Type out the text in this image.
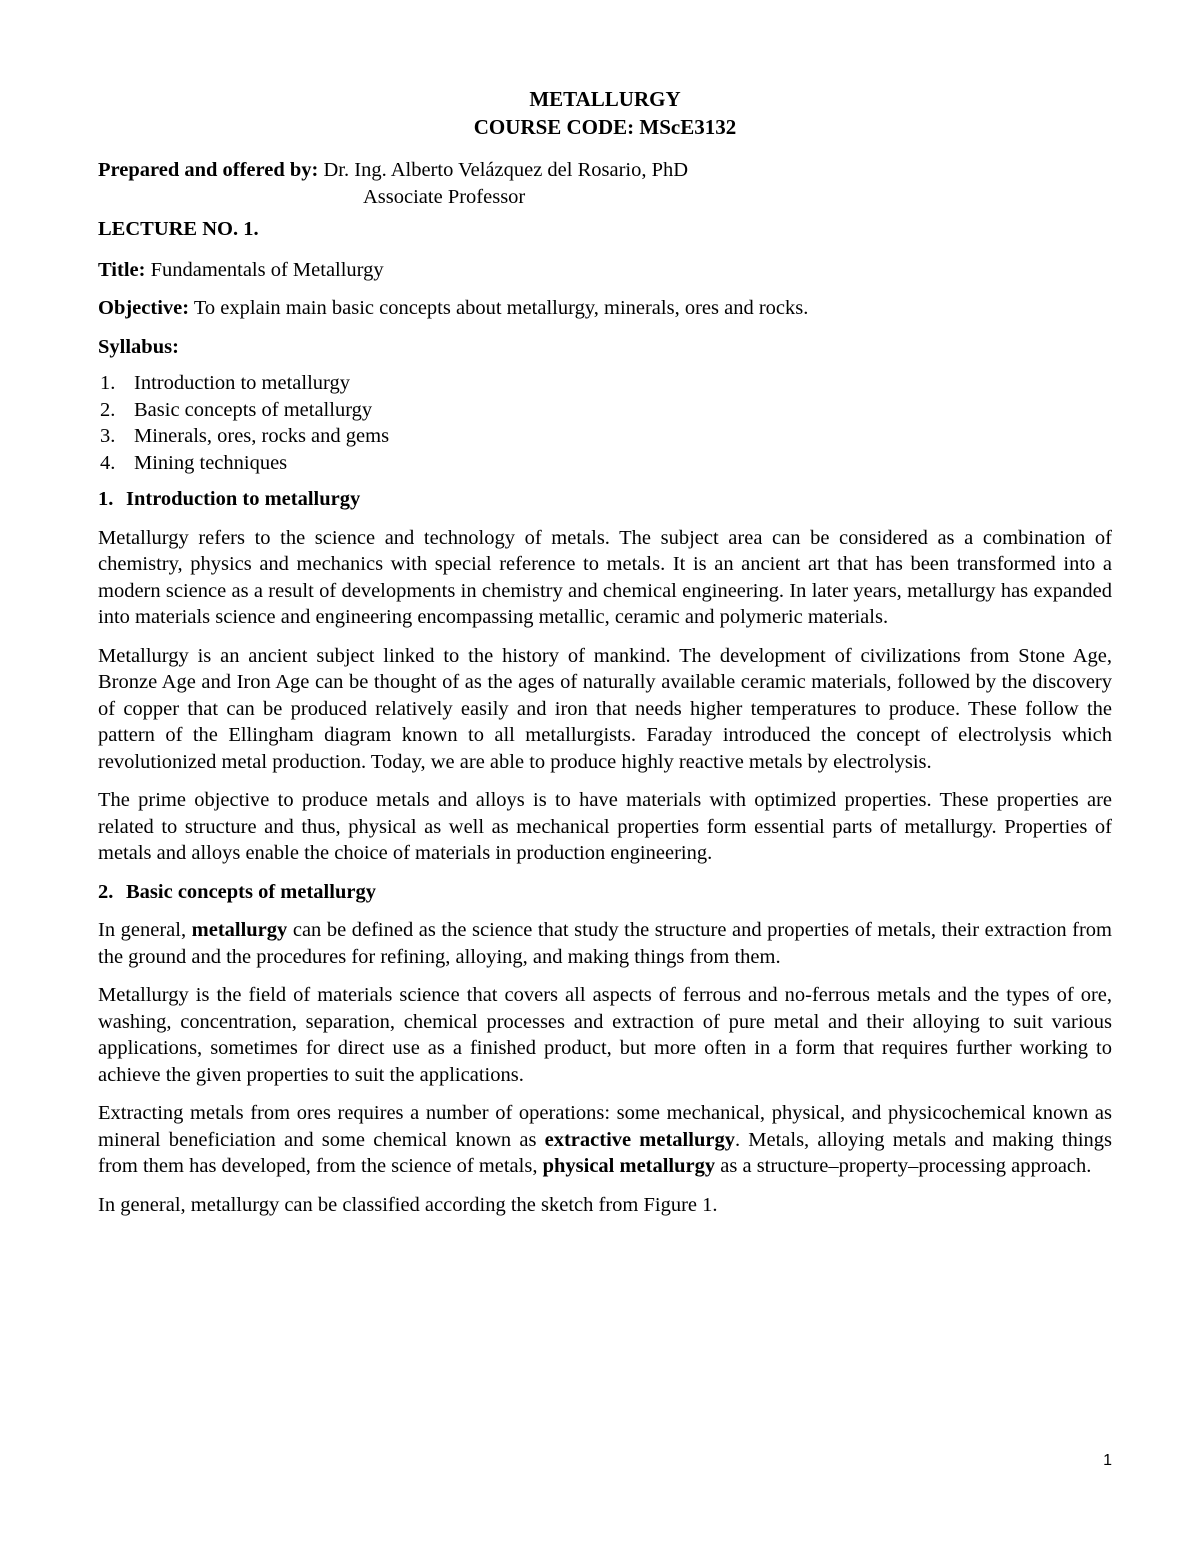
METALLURGY
COURSE CODE: MScE3132
Prepared and offered by: Dr. Ing. Alberto Velázquez del Rosario, PhD
Associate Professor
LECTURE NO. 1.
Title: Fundamentals of Metallurgy
Objective: To explain main basic concepts about metallurgy, minerals, ores and rocks.
Syllabus:
1. Introduction to metallurgy
2. Basic concepts of metallurgy
3. Minerals, ores, rocks and gems
4. Mining techniques
1. Introduction to metallurgy
Metallurgy refers to the science and technology of metals. The subject area can be considered as a combination of chemistry, physics and mechanics with special reference to metals. It is an ancient art that has been transformed into a modern science as a result of developments in chemistry and chemical engineering. In later years, metallurgy has expanded into materials science and engineering encompassing metallic, ceramic and polymeric materials.
Metallurgy is an ancient subject linked to the history of mankind. The development of civilizations from Stone Age, Bronze Age and Iron Age can be thought of as the ages of naturally available ceramic materials, followed by the discovery of copper that can be produced relatively easily and iron that needs higher temperatures to produce. These follow the pattern of the Ellingham diagram known to all metallurgists. Faraday introduced the concept of electrolysis which revolutionized metal production. Today, we are able to produce highly reactive metals by electrolysis.
The prime objective to produce metals and alloys is to have materials with optimized properties. These properties are related to structure and thus, physical as well as mechanical properties form essential parts of metallurgy. Properties of metals and alloys enable the choice of materials in production engineering.
2. Basic concepts of metallurgy
In general, metallurgy can be defined as the science that study the structure and properties of metals, their extraction from the ground and the procedures for refining, alloying, and making things from them.
Metallurgy is the field of materials science that covers all aspects of ferrous and no-ferrous metals and the types of ore, washing, concentration, separation, chemical processes and extraction of pure metal and their alloying to suit various applications, sometimes for direct use as a finished product, but more often in a form that requires further working to achieve the given properties to suit the applications.
Extracting metals from ores requires a number of operations: some mechanical, physical, and physicochemical known as mineral beneficiation and some chemical known as extractive metallurgy. Metals, alloying metals and making things from them has developed, from the science of metals, physical metallurgy as a structure–property–processing approach.
In general, metallurgy can be classified according the sketch from Figure 1.
1
